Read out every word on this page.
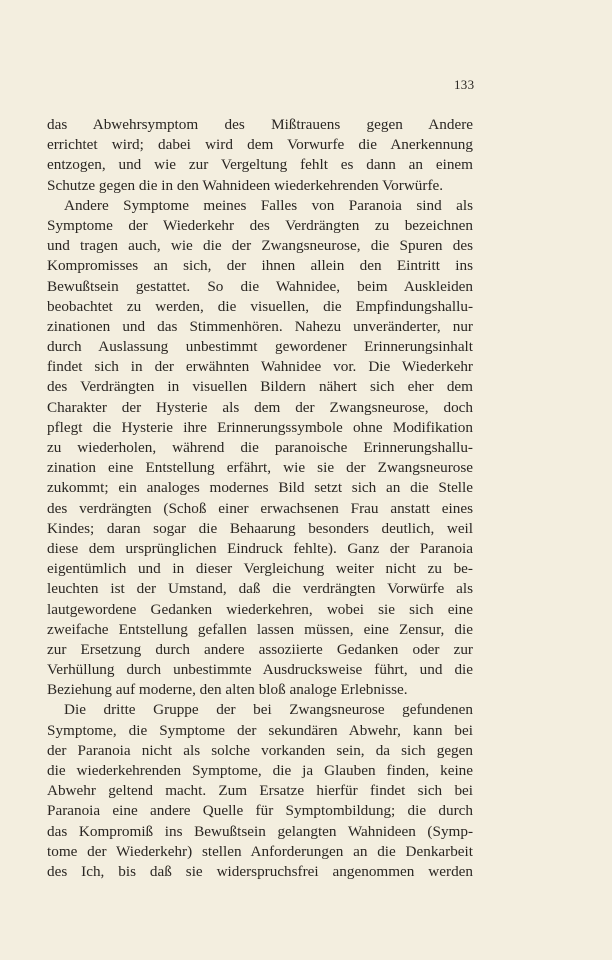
133
das Abwehrsymptom des Mißtrauens gegen Andere
errichtet wird; dabei wird dem Vorwurfe die Anerkennung
entzogen, und wie zur Vergeltung fehlt es dann an einem
Schutze gegen die in den Wahnideen wiederkehrenden Vorwürfe.
Andere Symptome meines Falles von Paranoia sind als
Symptome der Wiederkehr des Verdrängten zu bezeichnen
und tragen auch, wie die der Zwangsneurose, die Spuren des
Kompromisses an sich, der ihnen allein den Eintritt ins
Bewußtsein gestattet. So die Wahnidee, beim Auskleiden
beobachtet zu werden, die visuellen, die Empfindungshallu-
zinationen und das Stimmenhören. Nahezu unveränderter, nur
durch Auslassung unbestimmt gewordener Erinnerungsinhalt
findet sich in der erwähnten Wahnidee vor. Die Wiederkehr
des Verdrängten in visuellen Bildern nähert sich eher dem
Charakter der Hysterie als dem der Zwangsneurose, doch
pflegt die Hysterie ihre Erinnerungssymbole ohne Modifikation
zu wiederholen, während die paranoische Erinnerungshallu-
zination eine Entstellung erfährt, wie sie der Zwangsneurose
zukommt; ein analoges modernes Bild setzt sich an die Stelle
des verdrängten (Schoß einer erwachsenen Frau anstatt eines
Kindes; daran sogar die Behaarung besonders deutlich, weil
diese dem ursprünglichen Eindruck fehlte). Ganz der Paranoia
eigentümlich und in dieser Vergleichung weiter nicht zu be-
leuchten ist der Umstand, daß die verdrängten Vorwürfe als
lautgewordene Gedanken wiederkehren, wobei sie sich eine
zweifache Entstellung gefallen lassen müssen, eine Zensur, die
zur Ersetzung durch andere assoziierte Gedanken oder zur
Verhüllung durch unbestimmte Ausdrucksweise führt, und die
Beziehung auf moderne, den alten bloß analoge Erlebnisse.
Die dritte Gruppe der bei Zwangsneurose gefundenen
Symptome, die Symptome der sekundären Abwehr, kann bei
der Paranoia nicht als solche vorkanden sein, da sich gegen
die wiederkehrenden Symptome, die ja Glauben finden, keine
Abwehr geltend macht. Zum Ersatze hierfür findet sich bei
Paranoia eine andere Quelle für Symptombildung; die durch
das Kompromiß ins Bewußtsein gelangten Wahnideen (Symp-
tome der Wiederkehr) stellen Anforderungen an die Denkarbeit
des Ich, bis daß sie widerspruchsfrei angenommen werden
